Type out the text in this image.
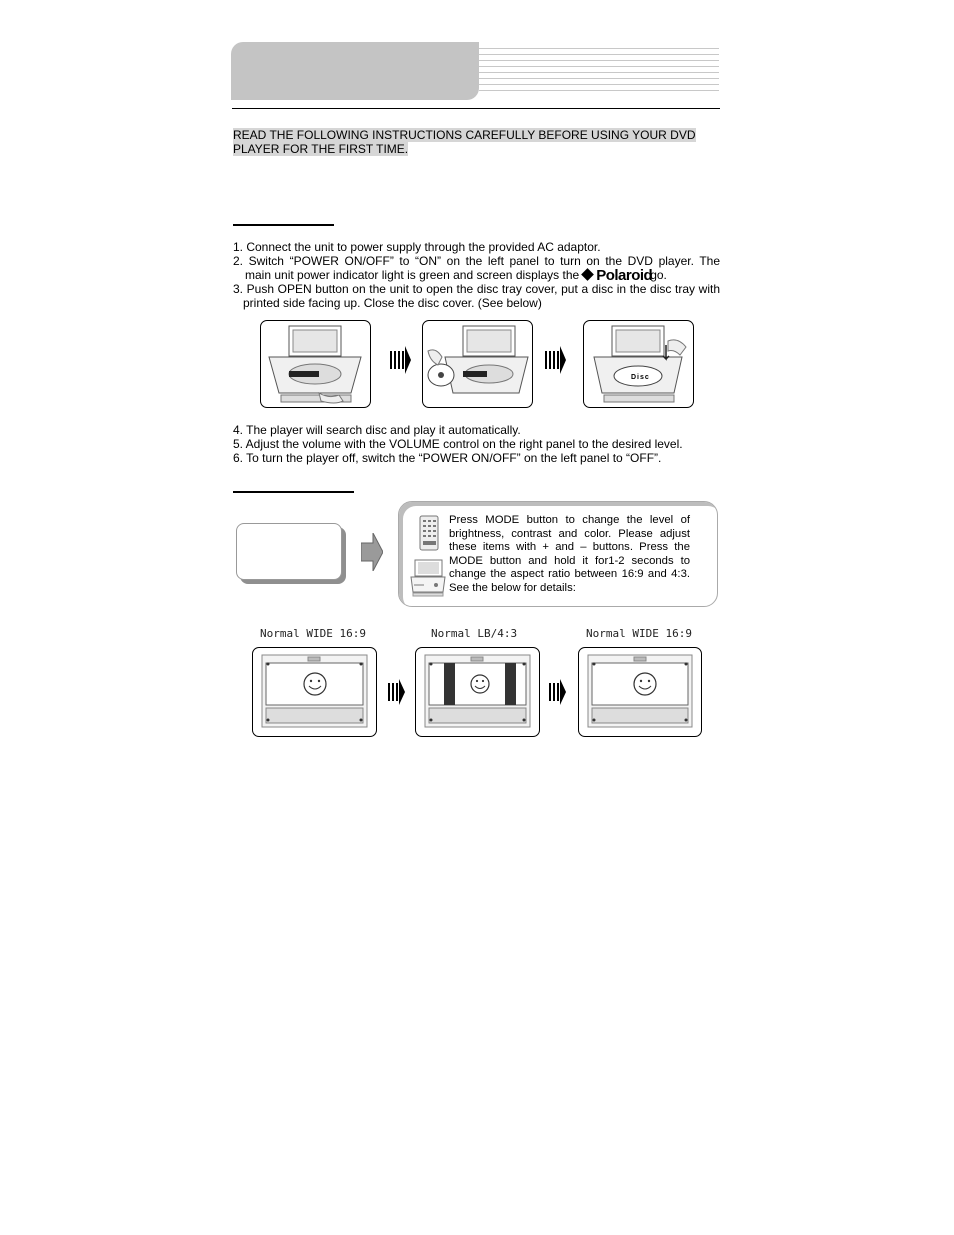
READ THE FOLLOWING INSTRUCTIONS CAREFULLY BEFORE USING YOUR DVD PLAYER FOR THE FIRST TIME.
1. Connect the unit to power supply through the provided AC adaptor.
2. Switch “POWER ON/OFF” to “ON” on the left panel to turn on the DVD player. The
main unit power indicator light is green and screen displays the Polaroidgo.
3. Push OPEN button on the unit to open the disc tray cover, put a disc in the disc tray with
printed side facing up. Close the disc cover. (See below)
Disc
4. The player will search disc and play it automatically.
5. Adjust the volume with the VOLUME control on the right panel to the desired level.
6. To turn the player off, switch the “POWER ON/OFF” on the left panel to “OFF”.
Press MODE button to change the level of brightness, contrast and color. Please adjust these items with + and – buttons. Press the MODE button and hold it for1-2 seconds to change the aspect ratio between 16:9 and 4:3. See the below for details:
Normal WIDE 16:9	Normal LB/4:3	Normal WIDE 16:9
